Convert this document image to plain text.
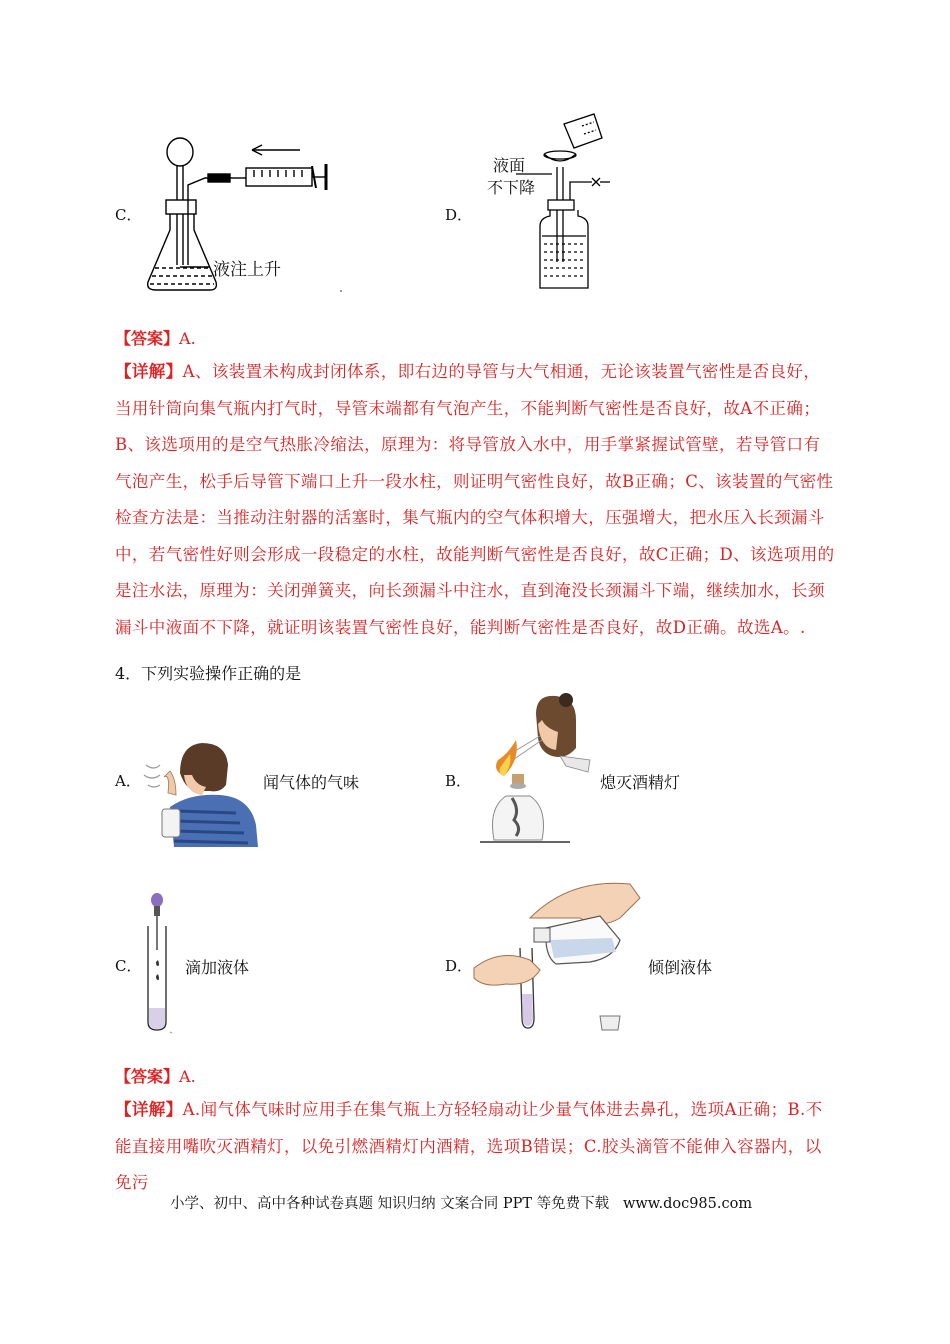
C．
液注上升
D．
液面
不下降
【答案】A.
【详解】A、该装置未构成封闭体系，即右边的导管与大气相通，无论该装置气密性是否良好，当用针筒向集气瓶内打气时，导管末端都有气泡产生，不能判断气密性是否良好，故A不正确；B、该选项用的是空气热胀冷缩法，原理为：将导管放入水中，用手掌紧握试管壁，若导管口有气泡产生，松手后导管下端口上升一段水柱，则证明气密性良好，故B正确；C、该装置的气密性检查方法是：当推动注射器的活塞时，集气瓶内的空气体积增大，压强增大，把水压入长颈漏斗中，若气密性好则会形成一段稳定的水柱，故能判断气密性是否良好，故C正确；D、该选项用的是注水法，原理为：关闭弹簧夹，向长颈漏斗中注水，直到淹没长颈漏斗下端，继续加水，长颈漏斗中液面不下降，就证明该装置气密性良好，能判断气密性是否良好，故D正确。故选A。.
4．下列实验操作正确的是
A．	闻气体的气味	B．	熄灭酒精灯
C．	滴加液体	D．	倾倒液体
【答案】A.
【详解】A.闻气体气味时应用手在集气瓶上方轻轻扇动让少量气体进去鼻孔，选项A正确；B.不能直接用嘴吹灭酒精灯，以免引燃酒精灯内酒精，选项B错误；C.胶头滴管不能伸入容器内，以免污
小学、初中、高中各种试卷真题 知识归纳 文案合同 PPT 等免费下载   www.doc985.com
